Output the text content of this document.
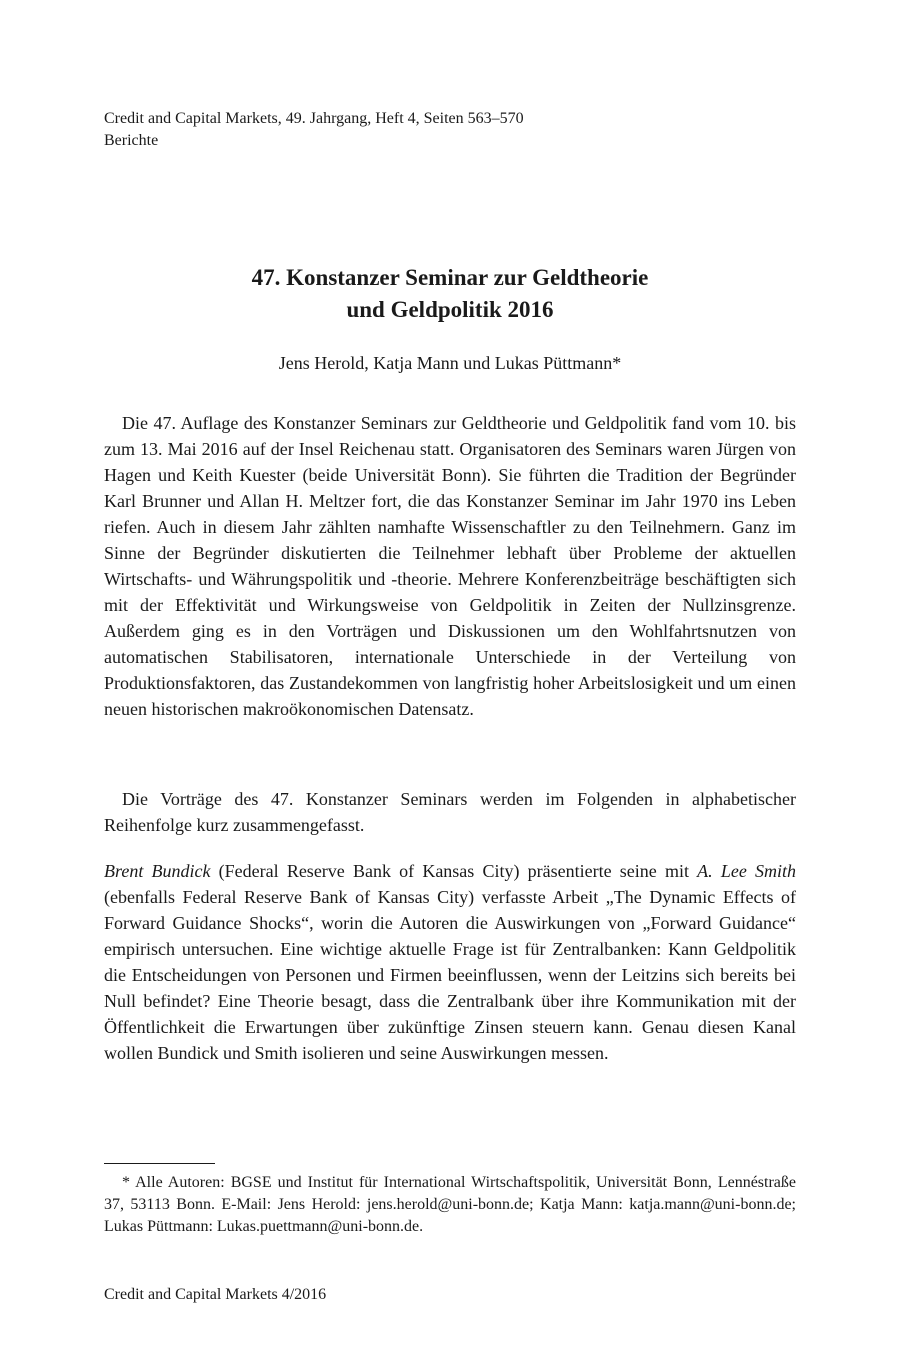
Credit and Capital Markets, 49. Jahrgang, Heft 4, Seiten 563–570
Berichte
47. Konstanzer Seminar zur Geldtheorie
und Geldpolitik 2016
Jens Herold, Katja Mann und Lukas Püttmann*

Die 47. Auflage des Konstanzer Seminars zur Geldtheorie und Geldpolitik fand vom 10. bis zum 13. Mai 2016 auf der Insel Reichenau statt. Organisatoren des Seminars waren Jürgen von Hagen und Keith Kuester (beide Universität Bonn). Sie führten die Tradition der Begründer Karl Brunner und Allan H. Meltzer fort, die das Konstanzer Seminar im Jahr 1970 ins Leben riefen. Auch in diesem Jahr zählten namhafte Wissenschaftler zu den Teilnehmern. Ganz im Sinne der Begründer diskutierten die Teilnehmer lebhaft über Probleme der aktuellen Wirtschafts- und Währungspolitik und -theorie. Mehrere Konferenzbeiträge beschäftigten sich mit der Effektivität und Wirkungsweise von Geldpolitik in Zeiten der Nullzinsgrenze. Außerdem ging es in den Vorträgen und Diskussionen um den Wohlfahrtsnutzen von automatischen Stabilisatoren, internationale Unterschiede in der Verteilung von Produktionsfaktoren, das Zustandekommen von langfristig hoher Arbeitslosigkeit und um einen neuen historischen makroökonomischen Datensatz.

Die Vorträge des 47. Konstanzer Seminars werden im Folgenden in alphabetischer Reihenfolge kurz zusammengefasst.

Brent Bundick (Federal Reserve Bank of Kansas City) präsentierte seine mit A. Lee Smith (ebenfalls Federal Reserve Bank of Kansas City) verfasste Arbeit „The Dynamic Effects of Forward Guidance Shocks“, worin die Autoren die Auswirkungen von „Forward Guidance“ empirisch untersuchen. Eine wichtige aktuelle Frage ist für Zentralbanken: Kann Geldpolitik die Entscheidungen von Personen und Firmen beeinflussen, wenn der Leitzins sich bereits bei Null befindet? Eine Theorie besagt, dass die Zentralbank über ihre Kommunikation mit der Öffentlichkeit die Erwartungen über zukünftige Zinsen steuern kann. Genau diesen Kanal wollen Bundick und Smith isolieren und seine Auswirkungen messen.

* Alle Autoren: BGSE und Institut für International Wirtschaftspolitik, Universität Bonn, Lennéstraße 37, 53113 Bonn. E-Mail: Jens Herold: jens.herold@uni-bonn.de; Katja Mann: katja.mann@uni-bonn.de; Lukas Püttmann: Lukas.puettmann@uni-bonn.de.
Credit and Capital Markets 4/2016
